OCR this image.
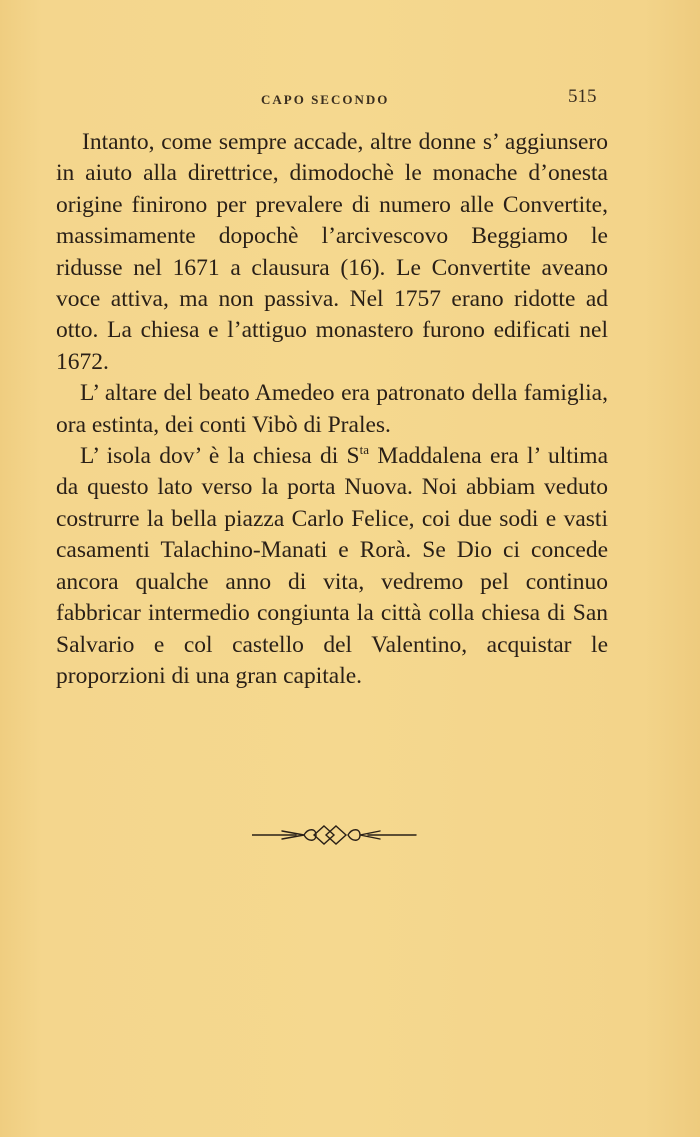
CAPO SECONDO	515

Intanto, come sempre accade, altre donne s’ aggiunsero in aiuto alla direttrice, dimodochè le monache d’onesta origine finirono per prevalere di numero alle Convertite, massimamente dopochè l’arcivescovo Beggiamo le ridusse nel 1671 a clausura (16). Le Convertite aveano voce attiva, ma non passiva. Nel 1757 erano ridotte ad otto. La chiesa e l’attiguo monastero furono edificati nel 1672.

L’ altare del beato Amedeo era patronato della famiglia, ora estinta, dei conti Vibò di Prales.

L’ isola dov’ è la chiesa di $S^{ta}$ Maddalena era l’ ultima da questo lato verso la porta Nuova. Noi abbiam veduto costrurre la bella piazza Carlo Felice, coi due sodi e vasti casamenti Talachino-Manati e Rorà. Se Dio ci concede ancora qualche anno di vita, vedremo pel continuo fabbricar intermedio congiunta la città colla chiesa di San Salvario e col castello del Valentino, acquistar le proporzioni di una gran capitale.
